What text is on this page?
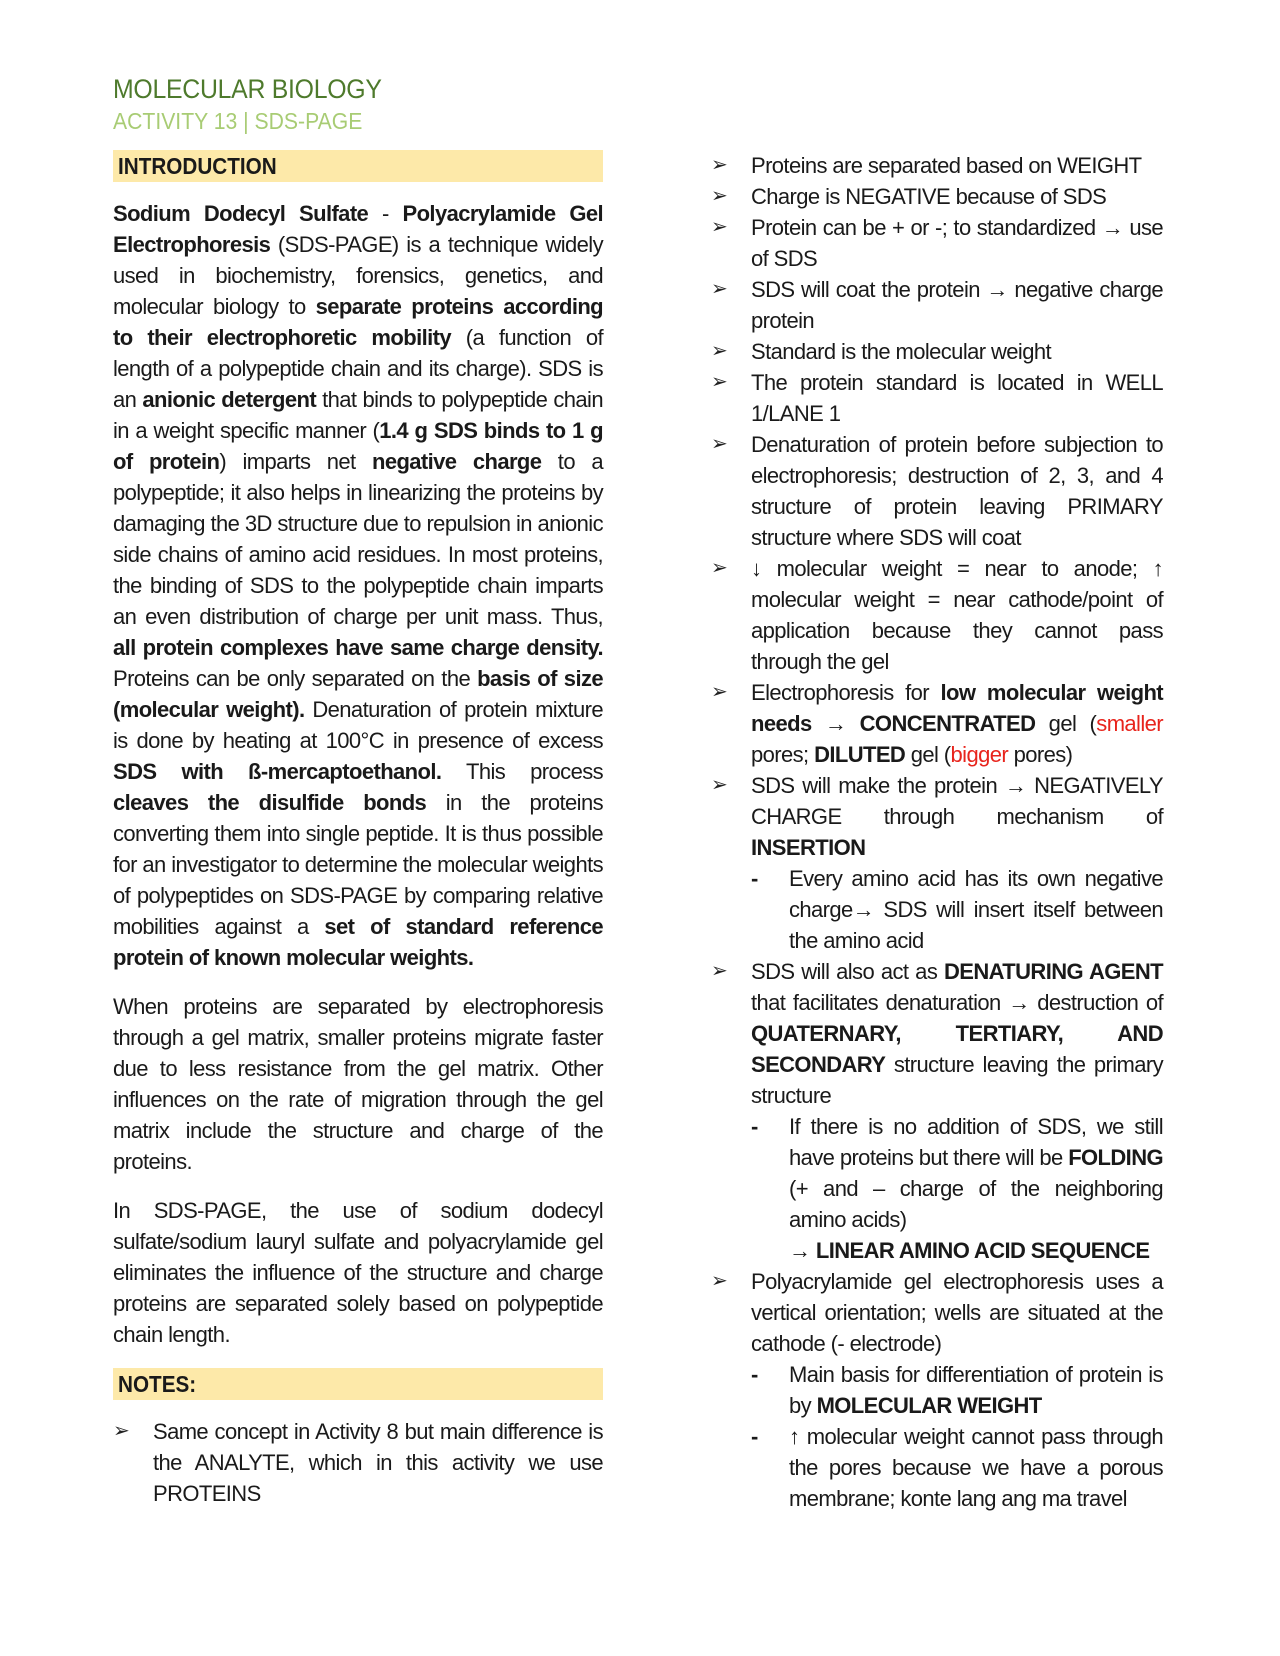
MOLECULAR BIOLOGY
ACTIVITY 13 | SDS-PAGE
INTRODUCTION

Sodium Dodecyl Sulfate - Polyacrylamide Gel Electrophoresis (SDS-PAGE) is a technique widely used in biochemistry, forensics, genetics, and molecular biology to separate proteins according to their electrophoretic mobility (a function of length of a polypeptide chain and its charge). SDS is an anionic detergent that binds to polypeptide chain in a weight specific manner (1.4 g SDS binds to 1 g of protein) imparts net negative charge to a polypeptide; it also helps in linearizing the proteins by damaging the 3D structure due to repulsion in anionic side chains of amino acid residues. In most proteins, the binding of SDS to the polypeptide chain imparts an even distribution of charge per unit mass. Thus, all protein complexes have same charge density. Proteins can be only separated on the basis of size (molecular weight). Denaturation of protein mixture is done by heating at 100°C in presence of excess SDS with ß-mercaptoethanol. This process cleaves the disulfide bonds in the proteins converting them into single peptide. It is thus possible for an investigator to determine the molecular weights of polypeptides on SDS-PAGE by comparing relative mobilities against a set of standard reference protein of known molecular weights.

When proteins are separated by electrophoresis through a gel matrix, smaller proteins migrate faster due to less resistance from the gel matrix. Other influences on the rate of migration through the gel matrix include the structure and charge of the proteins.

In SDS-PAGE, the use of sodium dodecyl sulfate/sodium lauryl sulfate and polyacrylamide gel eliminates the influence of the structure and charge proteins are separated solely based on polypeptide chain length.

NOTES:
➢	Same concept in Activity 8 but main difference is the ANALYTE, which in this activity we use PROTEINS
➢	Proteins are separated based on WEIGHT
➢	Charge is NEGATIVE because of SDS
➢	Protein can be + or -; to standardized → use of SDS
➢	SDS will coat the protein → negative charge protein
➢	Standard is the molecular weight
➢	The protein standard is located in WELL 1/LANE 1
➢	Denaturation of protein before subjection to electrophoresis; destruction of 2, 3, and 4 structure of protein leaving PRIMARY structure where SDS will coat
➢	↓ molecular weight = near to anode; ↑ molecular weight = near cathode/point of application because they cannot pass through the gel
➢	Electrophoresis for low molecular weight needs → CONCENTRATED gel (smaller pores; DILUTED gel (bigger pores)
➢	SDS will make the protein → NEGATIVELY CHARGE through mechanism of INSERTION
- Every amino acid has its own negative charge→ SDS will insert itself between the amino acid
➢	SDS will also act as DENATURING AGENT that facilitates denaturation → destruction of QUATERNARY, TERTIARY, AND SECONDARY structure leaving the primary structure
- If there is no addition of SDS, we still have proteins but there will be FOLDING (+ and – charge of the neighboring amino acids)
→ LINEAR AMINO ACID SEQUENCE
➢	Polyacrylamide gel electrophoresis uses a vertical orientation; wells are situated at the cathode (- electrode)
- Main basis for differentiation of protein is by MOLECULAR WEIGHT
- ↑ molecular weight cannot pass through the pores because we have a porous membrane; konte lang ang ma travel
